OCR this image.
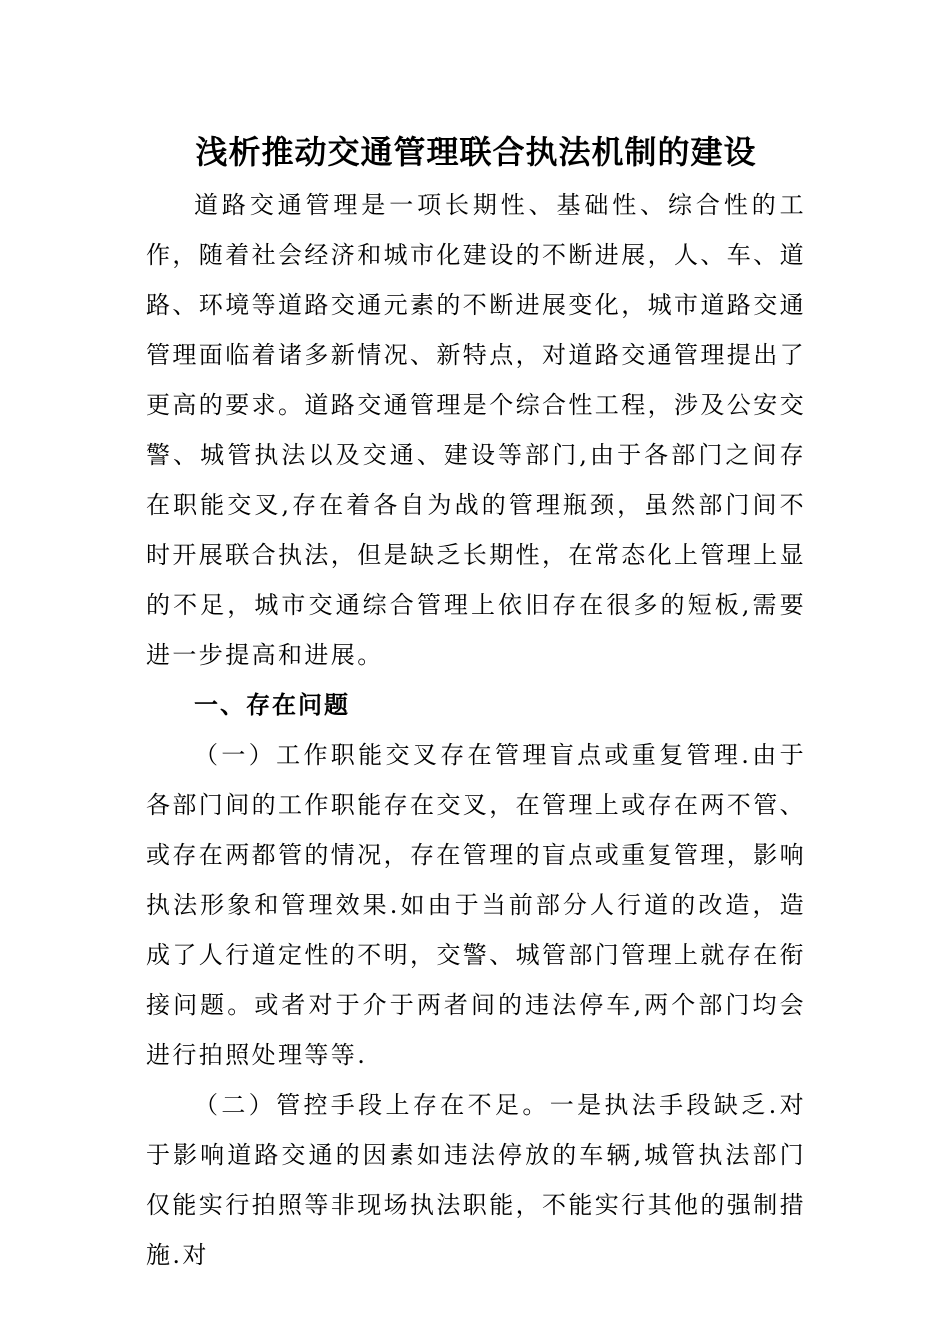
浅析推动交通管理联合执法机制的建设

道路交通管理是一项长期性、基础性、综合性的工作，随着社会经济和城市化建设的不断进展，人、车、道路、环境等道路交通元素的不断进展变化，城市道路交通管理面临着诸多新情况、新特点，对道路交通管理提出了更高的要求。道路交通管理是个综合性工程，涉及公安交警、城管执法以及交通、建设等部门,由于各部门之间存在职能交叉,存在着各自为战的管理瓶颈，虽然部门间不时开展联合执法，但是缺乏长期性，在常态化上管理上显的不足，城市交通综合管理上依旧存在很多的短板,需要进一步提高和进展。

一、存在问题

（一）工作职能交叉存在管理盲点或重复管理.由于各部门间的工作职能存在交叉，在管理上或存在两不管、或存在两都管的情况，存在管理的盲点或重复管理，影响执法形象和管理效果.如由于当前部分人行道的改造，造成了人行道定性的不明，交警、城管部门管理上就存在衔接问题。或者对于介于两者间的违法停车,两个部门均会进行拍照处理等等.

（二）管控手段上存在不足。一是执法手段缺乏.对于影响道路交通的因素如违法停放的车辆,城管执法部门仅能实行拍照等非现场执法职能，不能实行其他的强制措施.对
